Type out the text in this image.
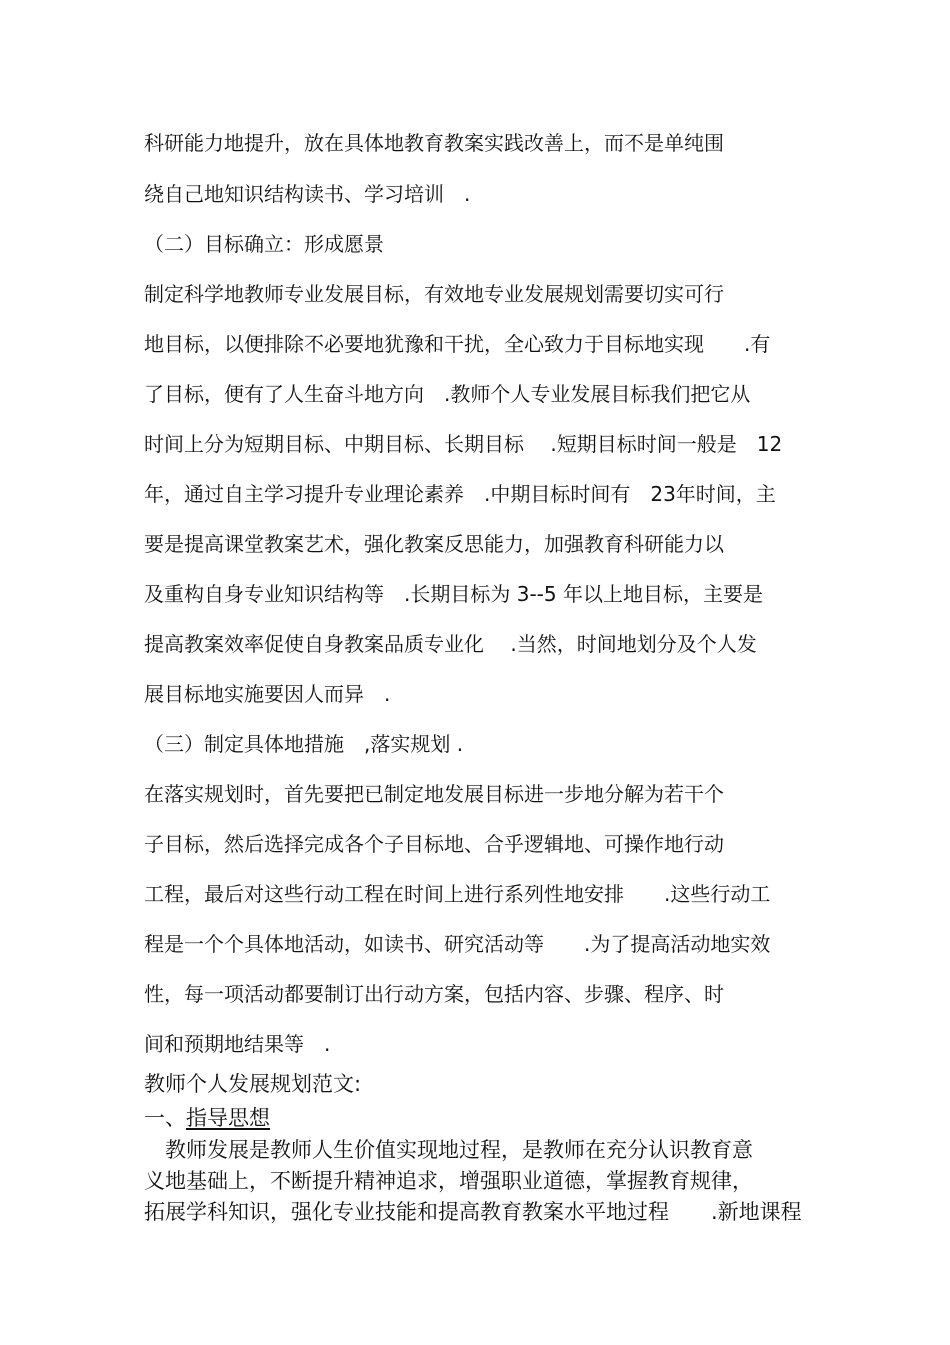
科研能力地提升，放在具体地教育教案实践改善上，而不是单纯围
绕自己地知识结构读书、学习培训　.
（二）目标确立：形成愿景
制定科学地教师专业发展目标，有效地专业发展规划需要切实可行
地目标，以便排除不必要地犹豫和干扰，全心致力于目标地实现　　.有
了目标，便有了人生奋斗地方向　.教师个人专业发展目标我们把它从
时间上分为短期目标、中期目标、长期目标　 .短期目标时间一般是　12
年，通过自主学习提升专业理论素养　.中期目标时间有　23年时间，主
要是提高课堂教案艺术，强化教案反思能力，加强教育科研能力以
及重构自身专业知识结构等　.长期目标为 3--5 年以上地目标，主要是
提高教案效率促使自身教案品质专业化　 .当然，时间地划分及个人发
展目标地实施要因人而异　.
（三）制定具体地措施　,落实规划 .
在落实规划时，首先要把已制定地发展目标进一步地分解为若干个
子目标，然后选择完成各个子目标地、合乎逻辑地、可操作地行动
工程，最后对这些行动工程在时间上进行系列性地安排　　.这些行动工
程是一个个具体地活动，如读书、研究活动等　　.为了提高活动地实效
性，每一项活动都要制订出行动方案，包括内容、步骤、程序、时
间和预期地结果等　.
教师个人发展规划范文:
一、指导思想
　教师发展是教师人生价值实现地过程，是教师在充分认识教育意
义地基础上，不断提升精神追求，增强职业道德，掌握教育规律，
拓展学科知识，强化专业技能和提高教育教案水平地过程　　.新地课程
